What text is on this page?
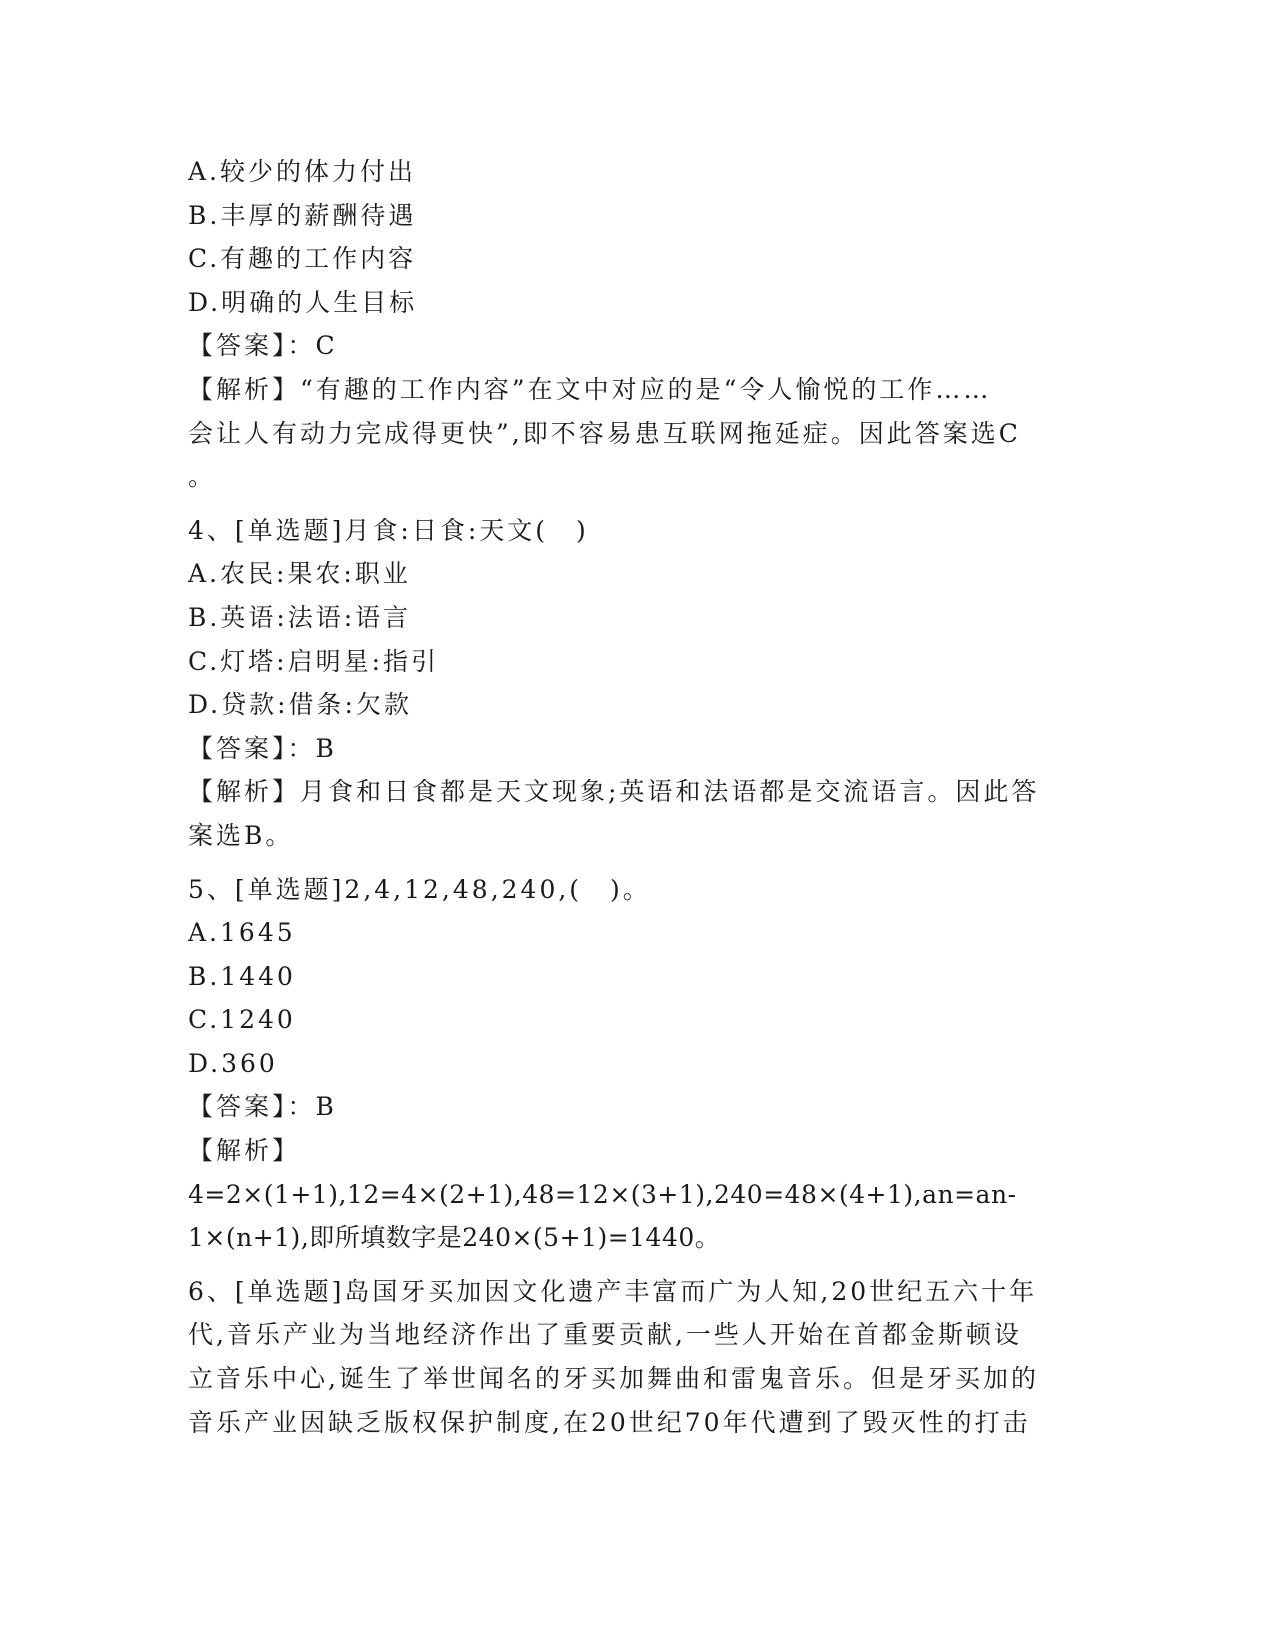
A.较少的体力付出
B.丰厚的薪酬待遇
C.有趣的工作内容
D.明确的人生目标
【答案】：C
【解析】“有趣的工作内容”在文中对应的是“令人愉悦的工作……
会让人有动力完成得更快”,即不容易患互联网拖延症。因此答案选C
。
4、[单选题]月食:日食:天文(　)
A.农民:果农:职业
B.英语:法语:语言
C.灯塔:启明星:指引
D.贷款:借条:欠款
【答案】：B
【解析】月食和日食都是天文现象;英语和法语都是交流语言。因此答
案选B。
5、[单选题]2,4,12,48,240,(　)。
A.1645
B.1440
C.1240
D.360
【答案】：B
【解析】
4=2×(1+1),12=4×(2+1),48=12×(3+1),240=48×(4+1),an=an-
1×(n+1),即所填数字是240×(5+1)=1440。
6、[单选题]岛国牙买加因文化遗产丰富而广为人知,20世纪五六十年
代,音乐产业为当地经济作出了重要贡献,一些人开始在首都金斯顿设
立音乐中心,诞生了举世闻名的牙买加舞曲和雷鬼音乐。但是牙买加的
音乐产业因缺乏版权保护制度,在20世纪70年代遭到了毁灭性的打击
